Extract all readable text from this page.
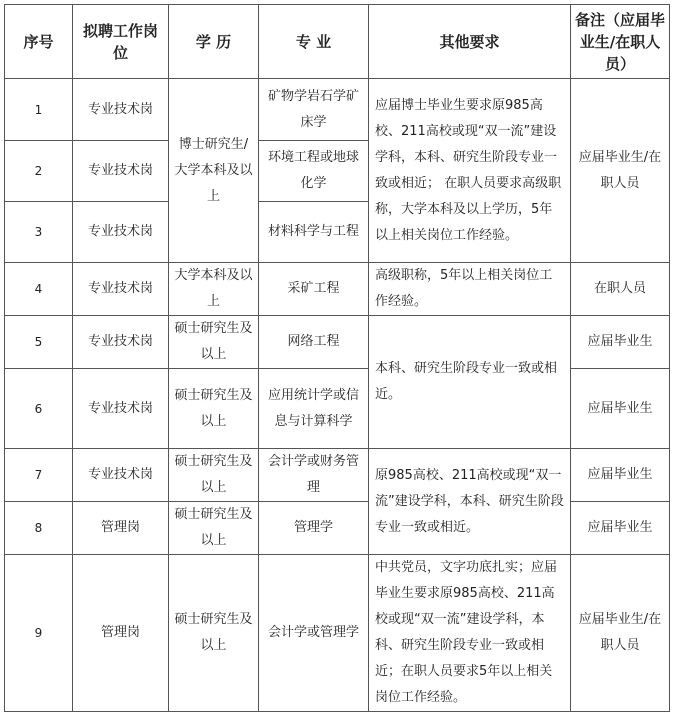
序号	拟聘工作岗位	学 历	专 业	其他要求	备注（应届毕业生/在职人员）
1	专业技术岗	博士研究生/大学本科及以上	矿物学岩石学矿床学	应届博士毕业生要求原985高校、211高校或现“双一流”建设学科，本科、研究生阶段专业一致或相近； 在职人员要求高级职称，大学本科及以上学历，5年以上相关岗位工作经验。	应届毕业生/在职人员
2	专业技术岗		环境工程或地球化学		
3	专业技术岗		材料科学与工程		
4	专业技术岗	大学本科及以上	采矿工程	高级职称，5年以上相关岗位工作经验。	在职人员
5	专业技术岗	硕士研究生及以上	网络工程	本科、研究生阶段专业一致或相近。	应届毕业生
6	专业技术岗	硕士研究生及以上	应用统计学或信息与计算科学		应届毕业生
7	专业技术岗	硕士研究生及以上	会计学或财务管理	原985高校、211高校或现“双一流”建设学科，本科、研究生阶段专业一致或相近。	应届毕业生
8	管理岗	硕士研究生及以上	管理学		应届毕业生
9	管理岗	硕士研究生及以上	会计学或管理学	中共党员，文字功底扎实；应届毕业生要求原985高校、211高校或现“双一流”建设学科，本科、研究生阶段专业一致或相近；在职人员要求5年以上相关岗位工作经验。	应届毕业生/在职人员
